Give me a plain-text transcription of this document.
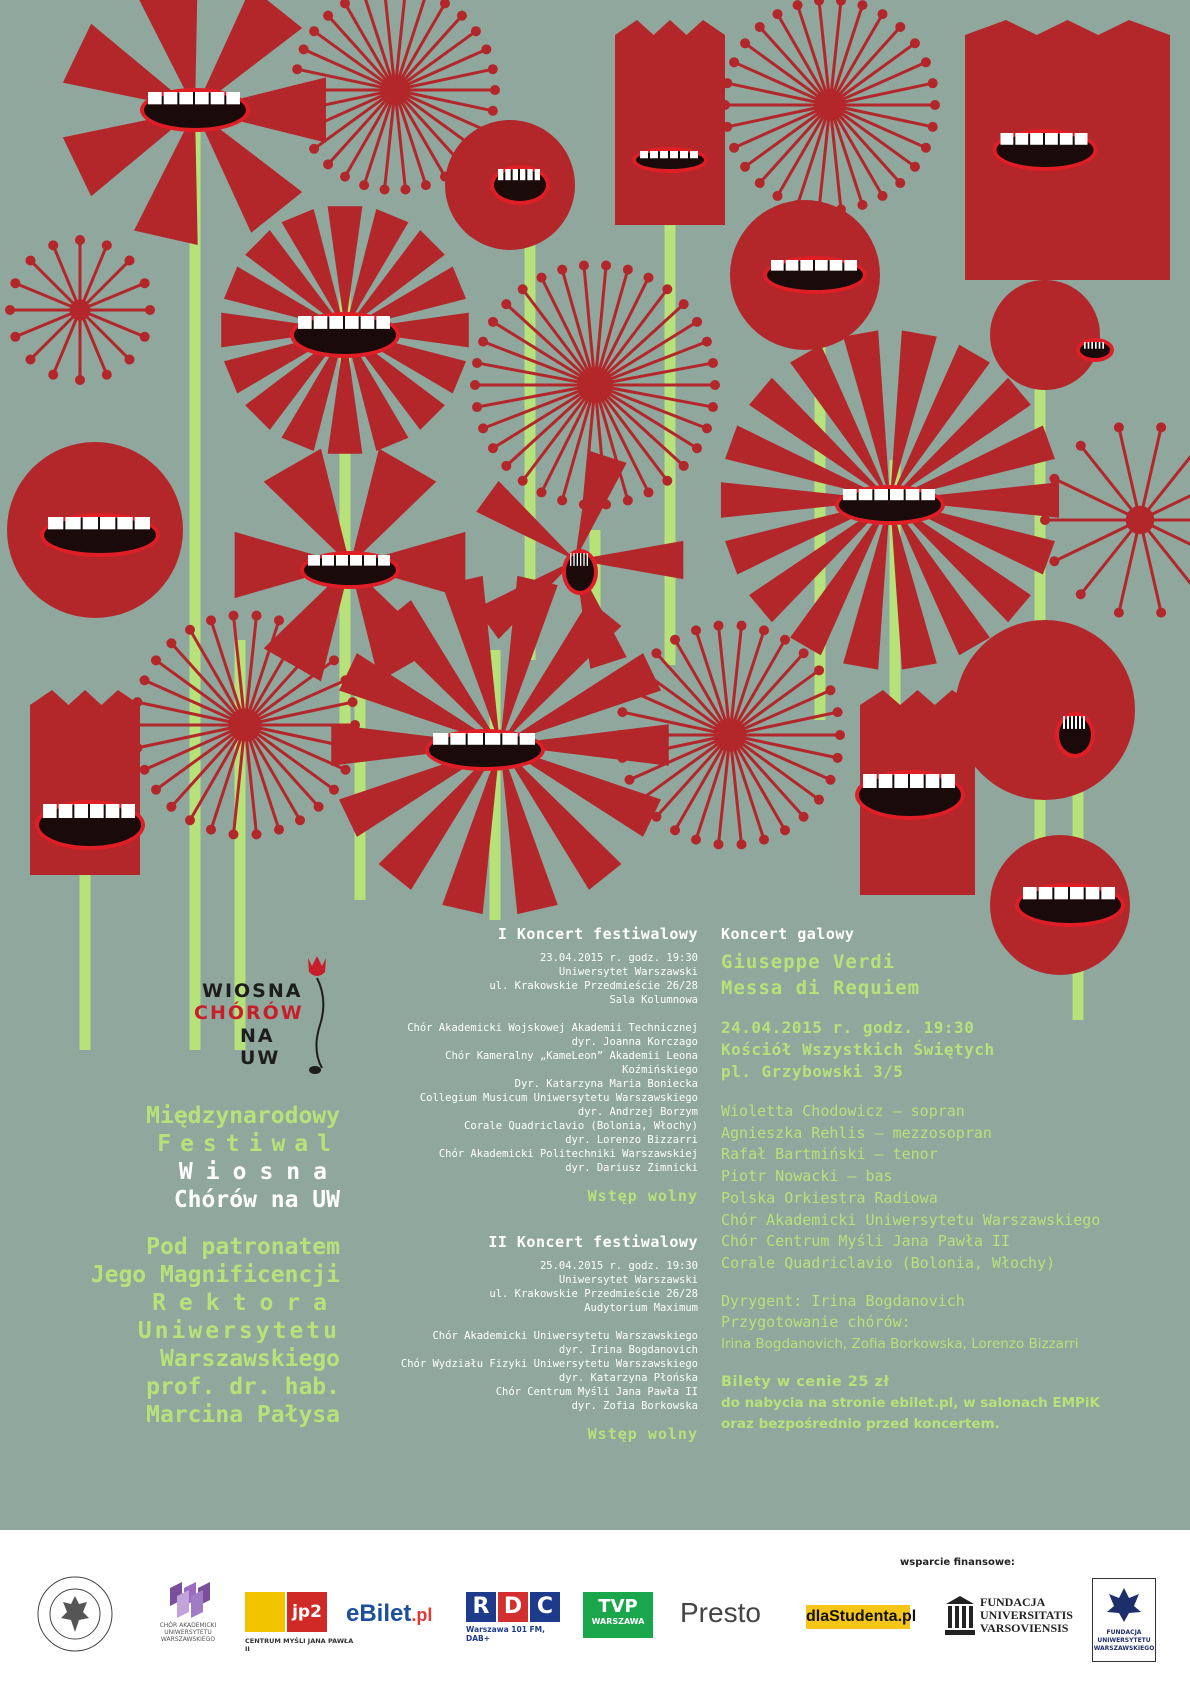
WIOSNA
CHÓRÓW
NA
UW
Międzynarodowy
Festiwal
Wiosna
Chórów na UW
Pod patronatem
Jego Magnificencji
Rektora
Uniwersytetu
Warszawskiego
prof. dr. hab.
Marcina Pałysa
I Koncert festiwalowy
23.04.2015 r. godz. 19:30
Uniwersytet Warszawski
ul. Krakowskie Przedmieście 26/28
Sala Kolumnowa
Chór Akademicki Wojskowej Akademii Technicznej
dyr. Joanna Korczago
Chór Kameralny „KameLeon” Akademii Leona Koźmińskiego
Dyr. Katarzyna Maria Boniecka
Collegium Musicum Uniwersytetu Warszawskiego
dyr. Andrzej Borzym
Corale Quadriclavio (Bolonia, Włochy)
dyr. Lorenzo Bizzarri
Chór Akademicki Politechniki Warszawskiej
dyr. Dariusz Zimnicki
Wstęp wolny
II Koncert festiwalowy
25.04.2015 r. godz. 19:30
Uniwersytet Warszawski
ul. Krakowskie Przedmieście 26/28
Audytorium Maximum
Chór Akademicki Uniwersytetu Warszawskiego
dyr. Irina Bogdanovich
Chór Wydziału Fizyki Uniwersytetu Warszawskiego
dyr. Katarzyna Płońska
Chór Centrum Myśli Jana Pawła II
dyr. Zofia Borkowska
Wstęp wolny
Koncert galowy
Giuseppe Verdi
Messa di Requiem
24.04.2015 r. godz. 19:30
Kościół Wszystkich Świętych
pl. Grzybowski 3/5
Wioletta Chodowicz – sopran
Agnieszka Rehlis – mezzosopran
Rafał Bartmiński – tenor
Piotr Nowacki – bas
Polska Orkiestra Radiowa
Chór Akademicki Uniwersytetu Warszawskiego
Chór Centrum Myśli Jana Pawła II
Corale Quadriclavio (Bolonia, Włochy)
Dyrygent: Irina Bogdanovich
Przygotowanie chórów:
Irina Bogdanovich, Zofia Borkowska, Lorenzo Bizzarri
Bilety w cenie 25 zł
do nabycia na stronie ebilet.pl, w salonach EMPiK
oraz bezpośrednio przed koncertem.
wsparcie finansowe:
CHÓR AKADEMICKI
UNIWERSYTETU
WARSZAWSKIEGO
jp2
CENTRUM MYŚLI JANA PAWŁA II
eBilet.pl	R D C
Warszawa 101 FM, DAB+
TVP
WARSZAWA	Presto	dlaStudenta.pl
FUNDACJA
UNIVERSITATIS
VARSOVIENSIS	FUNDACJA
UNIWERSYTETU
WARSZAWSKIEGO
